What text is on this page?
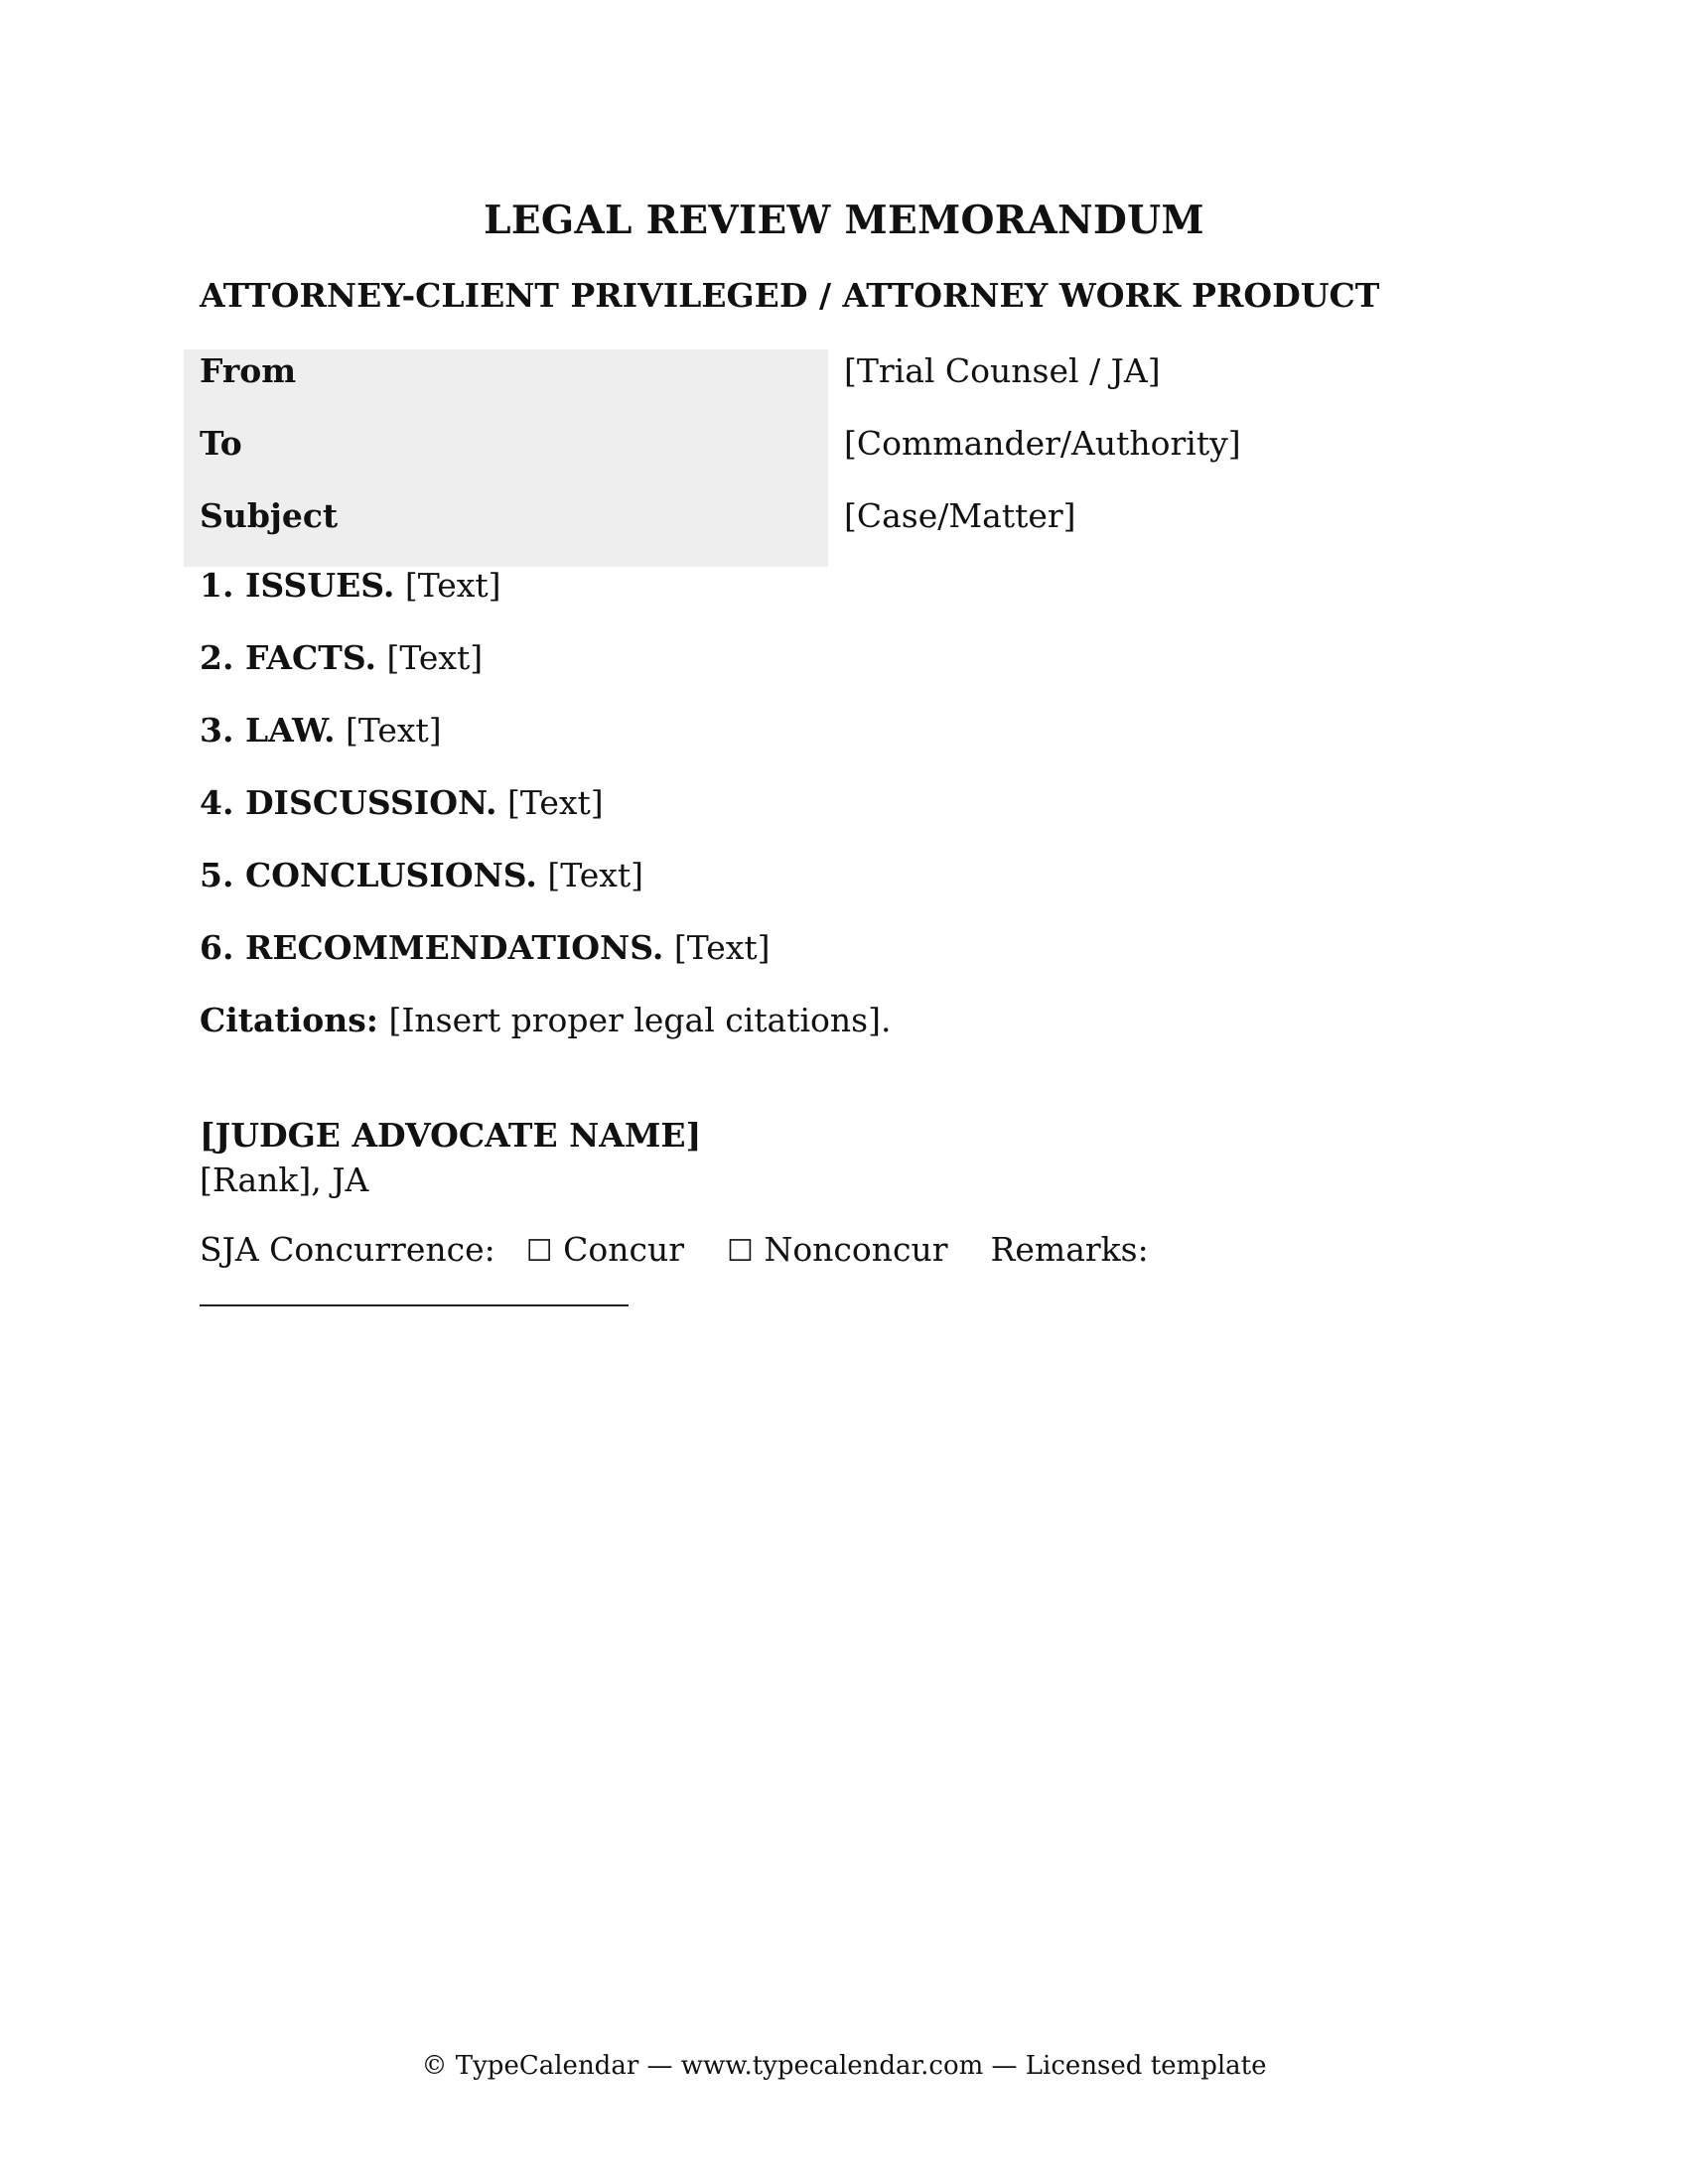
LEGAL REVIEW MEMORANDUM
ATTORNEY-CLIENT PRIVILEGED / ATTORNEY WORK PRODUCT
From	[Trial Counsel / JA]
To	[Commander/Authority]
Subject	[Case/Matter]
1. ISSUES. [Text]
2. FACTS. [Text]
3. LAW. [Text]
4. DISCUSSION. [Text]
5. CONCLUSIONS. [Text]
6. RECOMMENDATIONS. [Text]
Citations: [Insert proper legal citations].
[JUDGE ADVOCATE NAME]
[Rank], JA
SJA Concurrence: ☐ Concur ☐ Nonconcur Remarks:
© TypeCalendar — www.typecalendar.com — Licensed template
